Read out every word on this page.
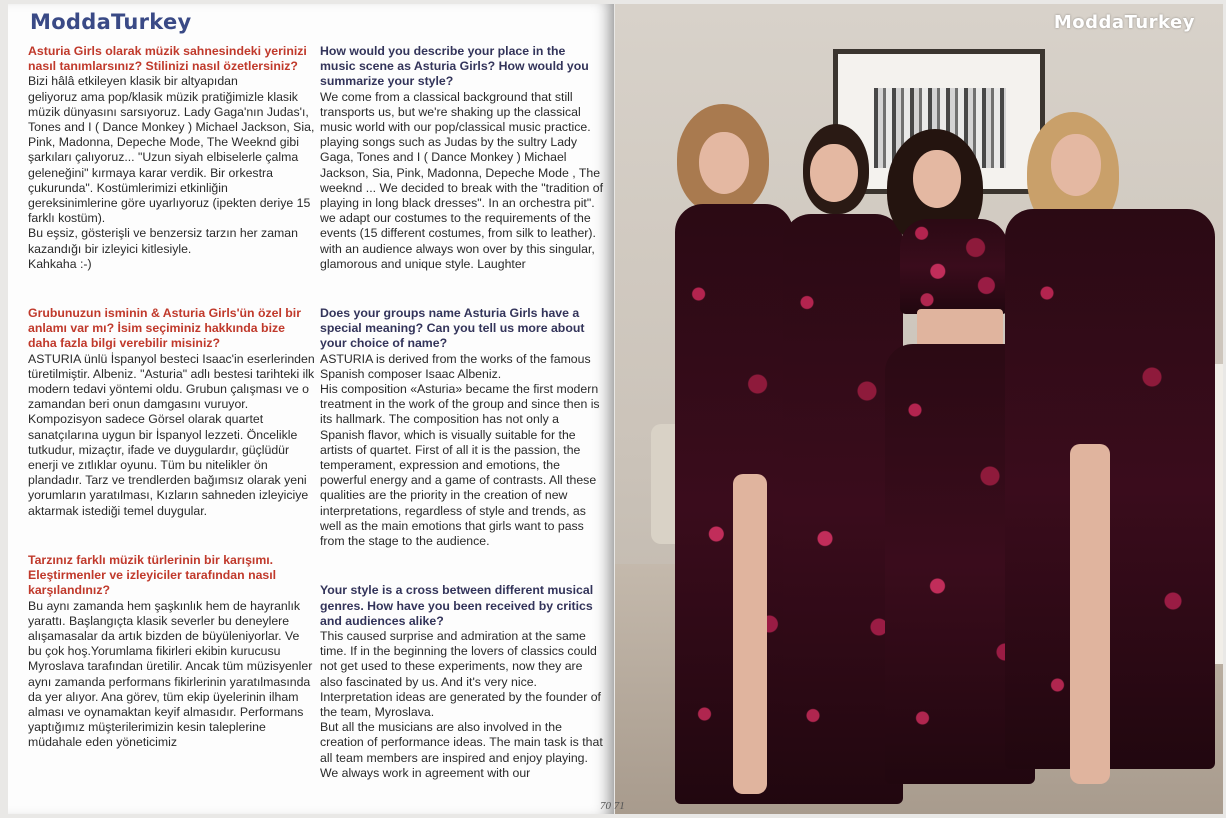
ModdaTurkey

Asturia Girls olarak müzik sahnesindeki yerinizi nasıl tanımlarsınız? Stilinizi nasıl özetlersiniz?

Bizi hâlâ etkileyen klasik bir altyapıdan
geliyoruz ama pop/klasik müzik pratiğimizle klasik müzik dünyasını sarsıyoruz. Lady Gaga'nın Judas'ı, Tones and I ( Dance Monkey ) Michael Jackson, Sia, Pink, Madonna, Depeche Mode, The Weeknd gibi şarkıları çalıyoruz... "Uzun siyah elbiselerle çalma geleneğini" kırmaya karar verdik. Bir orkestra çukurunda". Kostümlerimizi etkinliğin gereksinimlerine göre uyarlıyoruz (ipekten deriye 15 farklı kostüm).
Bu eşsiz, gösterişli ve benzersiz tarzın her zaman kazandığı bir izleyici kitlesiyle.
Kahkaha :-)

Grubunuzun isminin & Asturia Girls'ün özel bir anlamı var mı? İsim seçiminiz hakkında bize daha fazla bilgi verebilir misiniz?

ASTURIA ünlü İspanyol besteci Isaac'in eserlerinden türetilmiştir. Albeniz. "Asturia" adlı bestesi tarihteki ilk modern tedavi yöntemi oldu. Grubun çalışması ve o zamandan beri onun damgasını vuruyor. Kompozisyon sadece Görsel olarak quartet sanatçılarına uygun bir İspanyol lezzeti. Öncelikle tutkudur, mizaçtır, ifade ve duygulardır, güçlüdür enerji ve zıtlıklar oyunu. Tüm bu nitelikler ön plandadır. Tarz ve trendlerden bağımsız olarak yeni yorumların yaratılması, Kızların sahneden izleyiciye aktarmak istediği temel duygular.

Tarzınız farklı müzik türlerinin bir karışımı. Eleştirmenler ve izleyiciler tarafından nasıl karşılandınız?

Bu aynı zamanda hem şaşkınlık hem de hayranlık yarattı. Başlangıçta klasik severler bu deneylere alışamasalar da artık bizden de büyüleniyorlar. Ve bu çok hoş.Yorumlama fikirleri ekibin kurucusu Myroslava tarafından üretilir. Ancak tüm müzisyenler aynı zamanda performans fikirlerinin yaratılmasında da yer alıyor. Ana görev, tüm ekip üyelerinin ilham alması ve oynamaktan keyif almasıdır. Performans yaptığımız müşterilerimizin kesin taleplerine müdahale eden yöneticimiz

How would you describe your place in the music scene as Asturia Girls? How would you summarize your style?

We come from a classical background that still transports us, but we're shaking up the classical music world with our pop/classical music practice. playing songs such as Judas by the sultry Lady Gaga, Tones and I ( Dance Monkey ) Michael Jackson, Sia, Pink, Madonna, Depeche Mode , The weeknd ... We decided to break with the "tradition of playing in long black dresses". In an orchestra pit". we adapt our costumes to the requirements of the events (15 different costumes, from silk to leather).
with an audience always won over by this singular, glamorous and unique style. Laughter

Does your groups name Asturia Girls have a special meaning? Can you tell us more about your choice of name?

ASTURIA is derived from the works of the famous Spanish composer Isaac Albeniz.
His composition «Asturia» became the first modern treatment in the work of the group and since then is its hallmark. The composition has not only a Spanish flavor, which is visually suitable for the artists of quartet. First of all it is the passion, the temperament, expression and emotions, the powerful energy and a game of contrasts. All these qualities are the priority in the creation of new interpretations, regardless of style and trends, as well as the main emotions that girls want to pass from the stage to the audience.

Your style is a cross between different musical genres. How have you been received by critics and audiences alike?

This caused surprise and admiration at the same time. If in the beginning the lovers of classics could not get used to these experiments, now they are also fascinated by us. And it's very nice. Interpretation ideas are generated by the founder of the team, Myroslava.
But all the musicians are also involved in the creation of performance ideas. The main task is that all team members are inspired and enjoy playing. We always work in agreement with our

ModdaTurkey
70 71
